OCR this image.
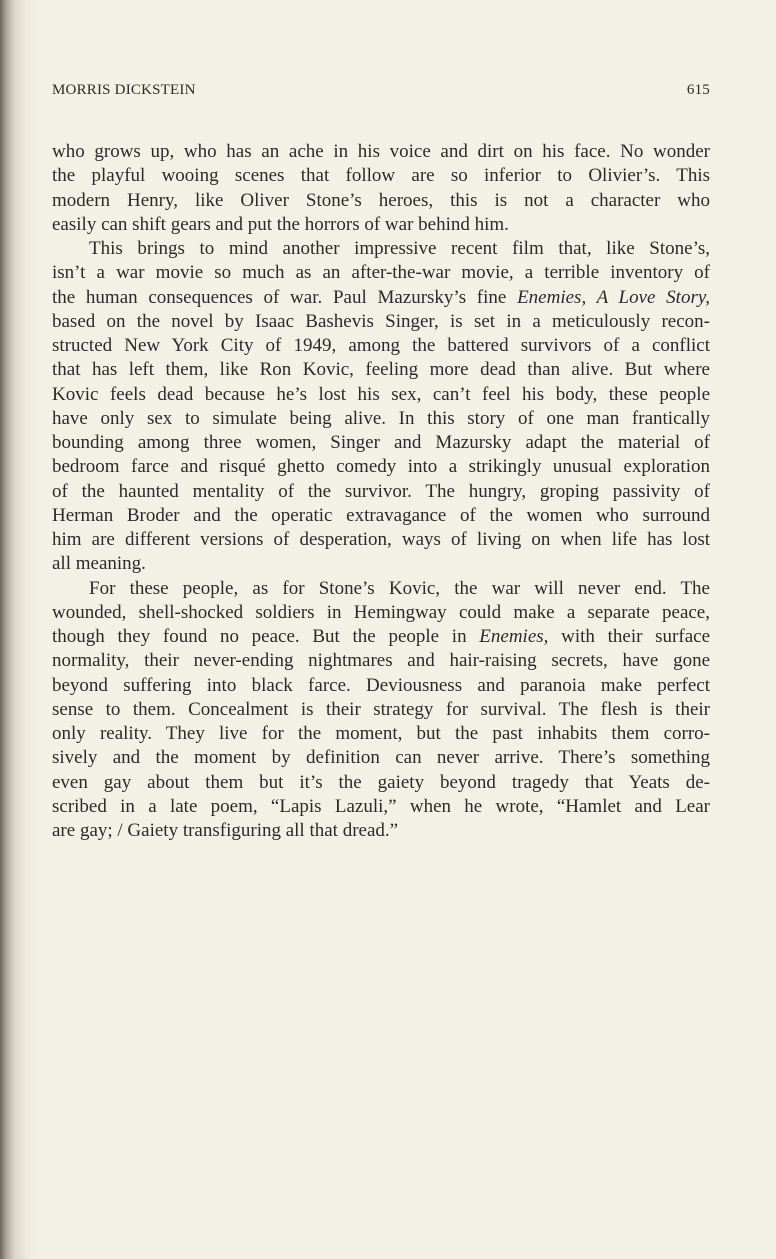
MORRIS DICKSTEIN	615
who grows up, who has an ache in his voice and dirt on his face. No wonder
the playful wooing scenes that follow are so inferior to Olivier’s. This
modern Henry, like Oliver Stone’s heroes, this is not a character who
easily can shift gears and put the horrors of war behind him.
This brings to mind another impressive recent film that, like Stone’s,
isn’t a war movie so much as an after-the-war movie, a terrible inventory of
the human consequences of war. Paul Mazursky’s fine Enemies, A Love Story,
based on the novel by Isaac Bashevis Singer, is set in a meticulously recon-
structed New York City of 1949, among the battered survivors of a conflict
that has left them, like Ron Kovic, feeling more dead than alive. But where
Kovic feels dead because he’s lost his sex, can’t feel his body, these people
have only sex to simulate being alive. In this story of one man frantically
bounding among three women, Singer and Mazursky adapt the material of
bedroom farce and risqué ghetto comedy into a strikingly unusual exploration
of the haunted mentality of the survivor. The hungry, groping passivity of
Herman Broder and the operatic extravagance of the women who surround
him are different versions of desperation, ways of living on when life has lost
all meaning.
For these people, as for Stone’s Kovic, the war will never end. The
wounded, shell-shocked soldiers in Hemingway could make a separate peace,
though they found no peace. But the people in Enemies, with their surface
normality, their never-ending nightmares and hair-raising secrets, have gone
beyond suffering into black farce. Deviousness and paranoia make perfect
sense to them. Concealment is their strategy for survival. The flesh is their
only reality. They live for the moment, but the past inhabits them corro-
sively and the moment by definition can never arrive. There’s something
even gay about them but it’s the gaiety beyond tragedy that Yeats de-
scribed in a late poem, “Lapis Lazuli,” when he wrote, “Hamlet and Lear
are gay; / Gaiety transfiguring all that dread.”
